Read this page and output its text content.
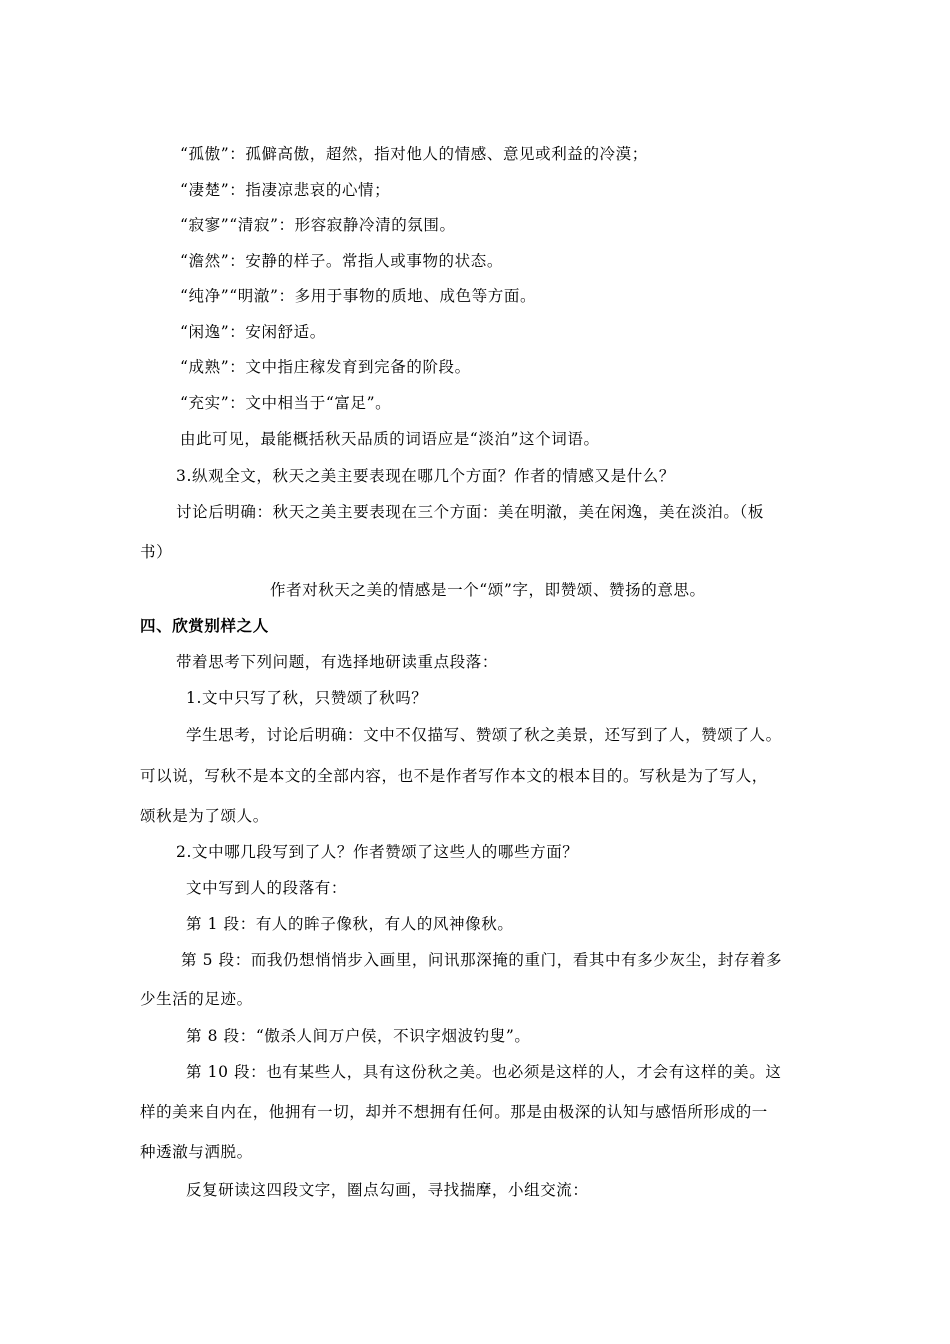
“孤傲”：孤僻高傲，超然，指对他人的情感、意见或利益的冷漠；

“凄楚”：指凄凉悲哀的心情；

“寂寥”“清寂”：形容寂静冷清的氛围。

“澹然”：安静的样子。常指人或事物的状态。

“纯净”“明澈”：多用于事物的质地、成色等方面。

“闲逸”：安闲舒适。

“成熟”：文中指庄稼发育到完备的阶段。

“充实”：文中相当于“富足”。

由此可见，最能概括秋天品质的词语应是“淡泊”这个词语。

3.纵观全文，秋天之美主要表现在哪几个方面？作者的情感又是什么？

讨论后明确：秋天之美主要表现在三个方面：美在明澈，美在闲逸，美在淡泊。（板

书）

作者对秋天之美的情感是一个“颂”字，即赞颂、赞扬的意思。

四、欣赏别样之人

带着思考下列问题，有选择地研读重点段落：

1.文中只写了秋，只赞颂了秋吗？

学生思考，讨论后明确：文中不仅描写、赞颂了秋之美景，还写到了人，赞颂了人。

可以说，写秋不是本文的全部内容，也不是作者写作本文的根本目的。写秋是为了写人，

颂秋是为了颂人。

2.文中哪几段写到了人？作者赞颂了这些人的哪些方面？

文中写到人的段落有：

第 1 段：有人的眸子像秋，有人的风神像秋。

第 5 段：而我仍想悄悄步入画里，问讯那深掩的重门，看其中有多少灰尘，封存着多

少生活的足迹。

第 8 段：“傲杀人间万户侯，不识字烟波钓叟”。

第 10 段：也有某些人，具有这份秋之美。也必须是这样的人，才会有这样的美。这

样的美来自内在，他拥有一切，却并不想拥有任何。那是由极深的认知与感悟所形成的一

种透澈与洒脱。

反复研读这四段文字，圈点勾画，寻找揣摩，小组交流：
